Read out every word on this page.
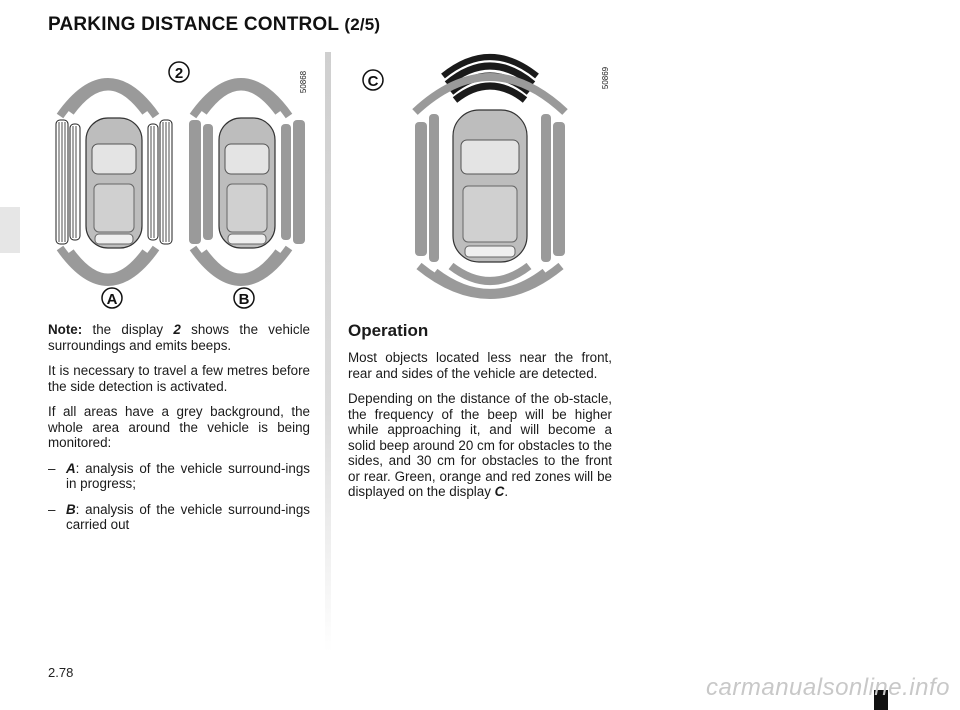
PARKING DISTANCE CONTROL (2/5)
2
A	B
50868	C	50869

Note: the display 2 shows the vehicle surroundings and emits beeps.

It is necessary to travel a few metres before the side detection is activated.

If all areas have a grey background, the whole area around the vehicle is being monitored:

– A: analysis of the vehicle surround-ings in progress;
– B: analysis of the vehicle surround-ings carried out
Operation

Most objects located less near the front, rear and sides of the vehicle are detected.

Depending on the distance of the ob-stacle, the frequency of the beep will be higher while approaching it, and will become a solid beep around 20 cm for obstacles to the sides, and 30 cm for obstacles to the front or rear. Green, orange and red zones will be displayed on the display C.

2.78
carmanualsonline.info
